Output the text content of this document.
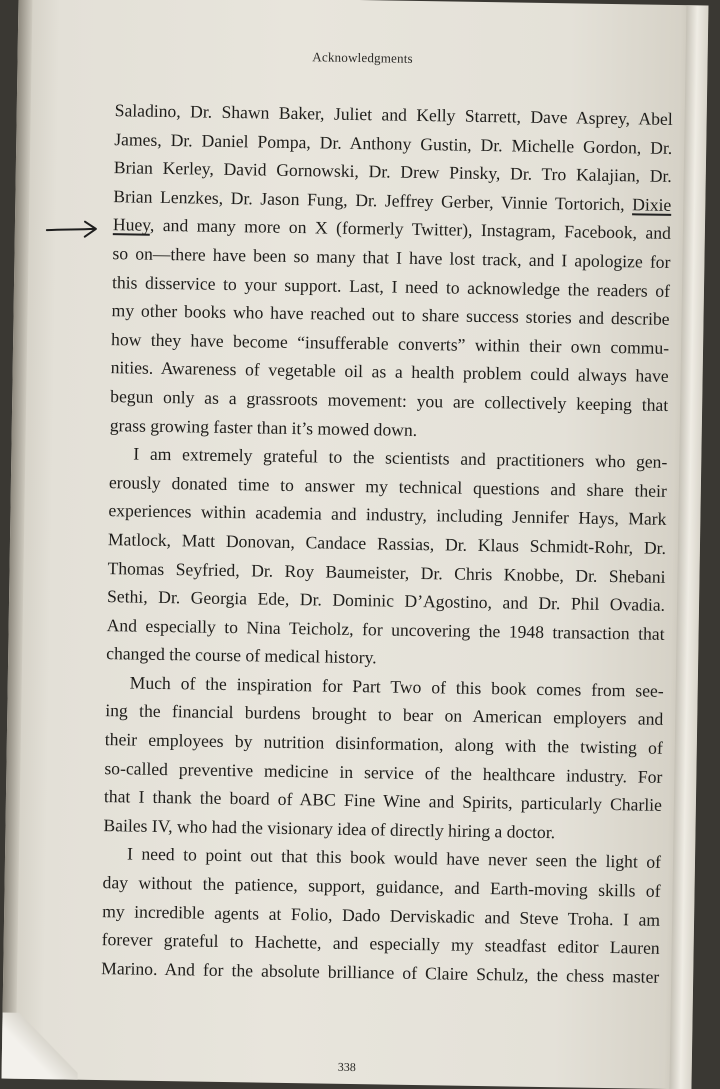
Acknowledgments
Saladino, Dr. Shawn Baker, Juliet and Kelly Starrett, Dave Asprey, Abel
James, Dr. Daniel Pompa, Dr. Anthony Gustin, Dr. Michelle Gordon, Dr.
Brian Kerley, David Gornowski, Dr. Drew Pinsky, Dr. Tro Kalajian, Dr.
Brian Lenzkes, Dr. Jason Fung, Dr. Jeffrey Gerber, Vinnie Tortorich, Dixie
Huey, and many more on X (formerly Twitter), Instagram, Facebook, and
so on—there have been so many that I have lost track, and I apologize for
this disservice to your support. Last, I need to acknowledge the readers of
my other books who have reached out to share success stories and describe
how they have become “insufferable converts” within their own commu-
nities. Awareness of vegetable oil as a health problem could always have
begun only as a grassroots movement: you are collectively keeping that
grass growing faster than it’s mowed down.
I am extremely grateful to the scientists and practitioners who gen-
erously donated time to answer my technical questions and share their
experiences within academia and industry, including Jennifer Hays, Mark
Matlock, Matt Donovan, Candace Rassias, Dr. Klaus Schmidt-Rohr, Dr.
Thomas Seyfried, Dr. Roy Baumeister, Dr. Chris Knobbe, Dr. Shebani
Sethi, Dr. Georgia Ede, Dr. Dominic D’Agostino, and Dr. Phil Ovadia.
And especially to Nina Teicholz, for uncovering the 1948 transaction that
changed the course of medical history.
Much of the inspiration for Part Two of this book comes from see-
ing the financial burdens brought to bear on American employers and
their employees by nutrition disinformation, along with the twisting of
so-called preventive medicine in service of the healthcare industry. For
that I thank the board of ABC Fine Wine and Spirits, particularly Charlie
Bailes IV, who had the visionary idea of directly hiring a doctor.
I need to point out that this book would have never seen the light of
day without the patience, support, guidance, and Earth-moving skills of
my incredible agents at Folio, Dado Derviskadic and Steve Troha. I am
forever grateful to Hachette, and especially my steadfast editor Lauren
Marino. And for the absolute brilliance of Claire Schulz, the chess master
338
